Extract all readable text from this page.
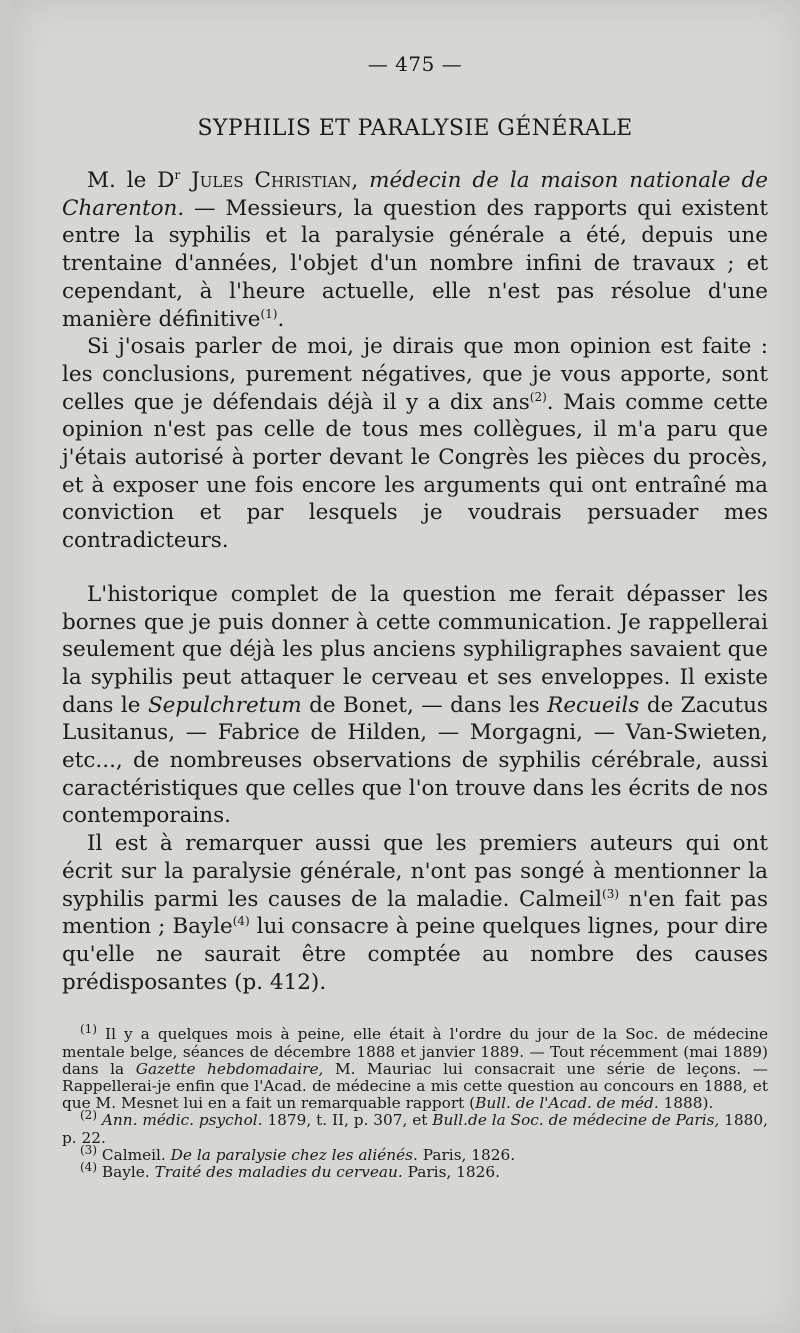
— 475 —
SYPHILIS ET PARALYSIE GÉNÉRALE

M. le $D^r$ Jules Christian, médecin de la maison nationale de Charenton. — Messieurs, la question des rapports qui existent entre la syphilis et la paralysie générale a été, depuis une trentaine d'années, l'objet d'un nombre infini de travaux ; et cependant, à l'heure actuelle, elle n'est pas résolue d'une manière définitive$^{(1)}$.

Si j'osais parler de moi, je dirais que mon opinion est faite : les conclusions, purement négatives, que je vous apporte, sont celles que je défendais déjà il y a dix ans$^{(2)}$. Mais comme cette opinion n'est pas celle de tous mes collègues, il m'a paru que j'étais autorisé à porter devant le Congrès les pièces du procès, et à exposer une fois encore les arguments qui ont entraîné ma conviction et par lesquels je voudrais persuader mes contradicteurs.

L'historique complet de la question me ferait dépasser les bornes que je puis donner à cette communication. Je rappellerai seulement que déjà les plus anciens syphiligraphes savaient que la syphilis peut attaquer le cerveau et ses enveloppes. Il existe dans le Sepulchretum de Bonet, — dans les Recueils de Zacutus Lusitanus, — Fabrice de Hilden, — Morgagni, — Van-Swieten, etc..., de nombreuses observations de syphilis cérébrale, aussi caractéristiques que celles que l'on trouve dans les écrits de nos contemporains.

Il est à remarquer aussi que les premiers auteurs qui ont écrit sur la paralysie générale, n'ont pas songé à mentionner la syphilis parmi les causes de la maladie. Calmeil$^{(3)}$ n'en fait pas mention ; Bayle$^{(4)}$ lui consacre à peine quelques lignes, pour dire qu'elle ne saurait être comptée au nombre des causes prédisposantes (p. 412).

$^{(1)}$ Il y a quelques mois à peine, elle était à l'ordre du jour de la Soc. de médecine mentale belge, séances de décembre 1888 et janvier 1889. — Tout récemment (mai 1889) dans la Gazette hebdomadaire, M. Mauriac lui consacrait une série de leçons. — Rappellerai-je enfin que l'Acad. de médecine a mis cette question au concours en 1888, et que M. Mesnet lui en a fait un remarquable rapport (Bull. de l'Acad. de méd. 1888).

$^{(2)}$ Ann. médic. psychol. 1879, t. II, p. 307, et Bull.de la Soc. de médecine de Paris, 1880, p. 22.

$^{(3)}$ Calmeil. De la paralysie chez les aliénés. Paris, 1826.

$^{(4)}$ Bayle. Traité des maladies du cerveau. Paris, 1826.
